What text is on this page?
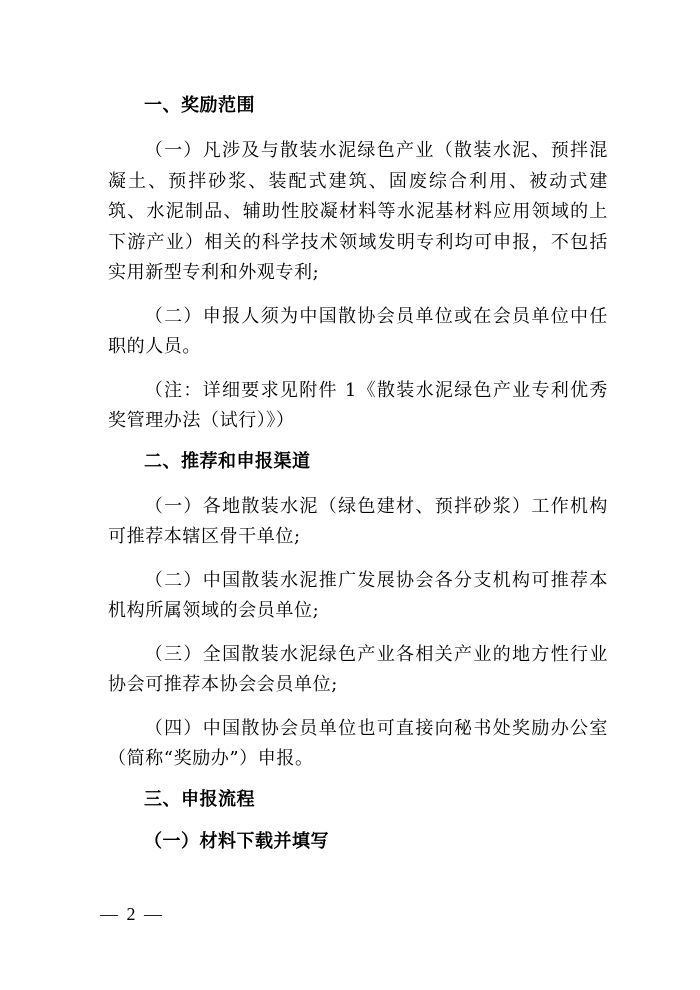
一、奖励范围

（一）凡涉及与散装水泥绿色产业（散装水泥、预拌混凝土、预拌砂浆、装配式建筑、固废综合利用、被动式建筑、水泥制品、辅助性胶凝材料等水泥基材料应用领域的上下游产业）相关的科学技术领域发明专利均可申报，不包括实用新型专利和外观专利;

（二）申报人须为中国散协会员单位或在会员单位中任职的人员。

（注：详细要求见附件 1《散装水泥绿色产业专利优秀奖管理办法（试行）》）

二、推荐和申报渠道

（一）各地散装水泥（绿色建材、预拌砂浆）工作机构可推荐本辖区骨干单位;

（二）中国散装水泥推广发展协会各分支机构可推荐本机构所属领域的会员单位;

（三）全国散装水泥绿色产业各相关产业的地方性行业协会可推荐本协会会员单位;

（四）中国散协会员单位也可直接向秘书处奖励办公室（简称“奖励办”）申报。

三、申报流程
（一）材料下载并填写
— 2 —
